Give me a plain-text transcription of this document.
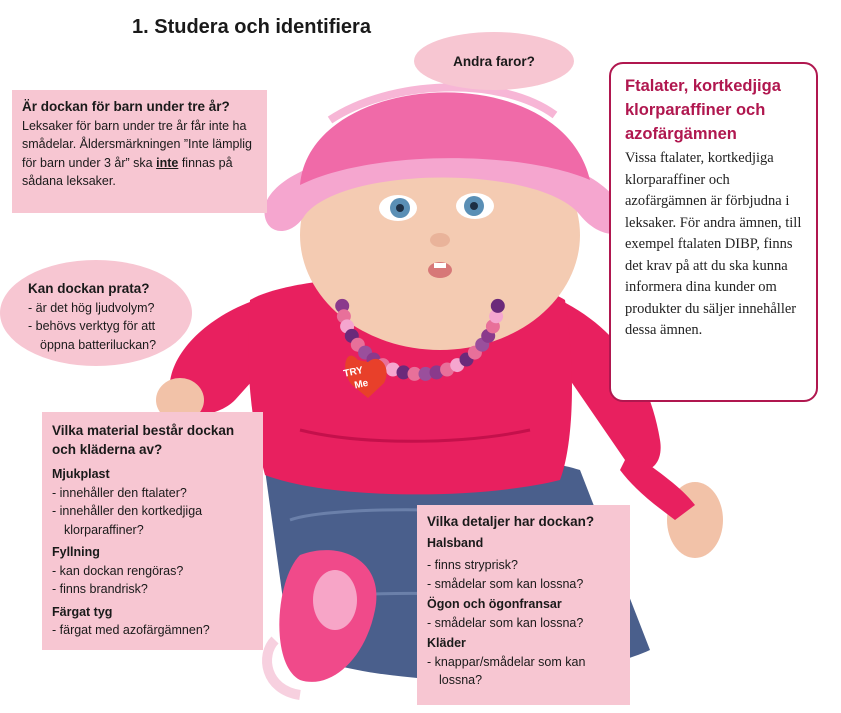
TRY
Me
1. Studera och identifiera
Andra faror?
Är dockan för barn under tre år?
Leksaker för barn under tre år får inte ha smådelar. Åldersmärkningen ”Inte lämplig för barn under 3 år” ska inte finnas på sådana leksaker.
Kan dockan prata?
- är det hög ljudvolym?
- behövs verktyg för att öppna batteriluckan?
Vilka material består dockan och kläderna av?
Mjukplast
- innehåller den ftalater?
- innehåller den kortkedjiga klorparaffiner?
Fyllning
- kan dockan rengöras?
- finns brandrisk?
Färgat tyg
- färgat med azofärgämnen?
Vilka detaljer har dockan?
Halsband
- finns stryprisk?
- smådelar som kan lossna?
Ögon och ögonfransar
- smådelar som kan lossna?
Kläder
- knappar/smådelar som kan lossna?
Ftalater, kortkedjiga klorparaffiner och azofärgämnen
Vissa ftalater, kortkedjiga klorparaffiner och azofärgämnen är förbjudna i leksaker. För andra ämnen, till exempel ftalaten DIBP, finns det krav på att du ska kunna informera dina kunder om produkter du säljer innehåller dessa ämnen.
